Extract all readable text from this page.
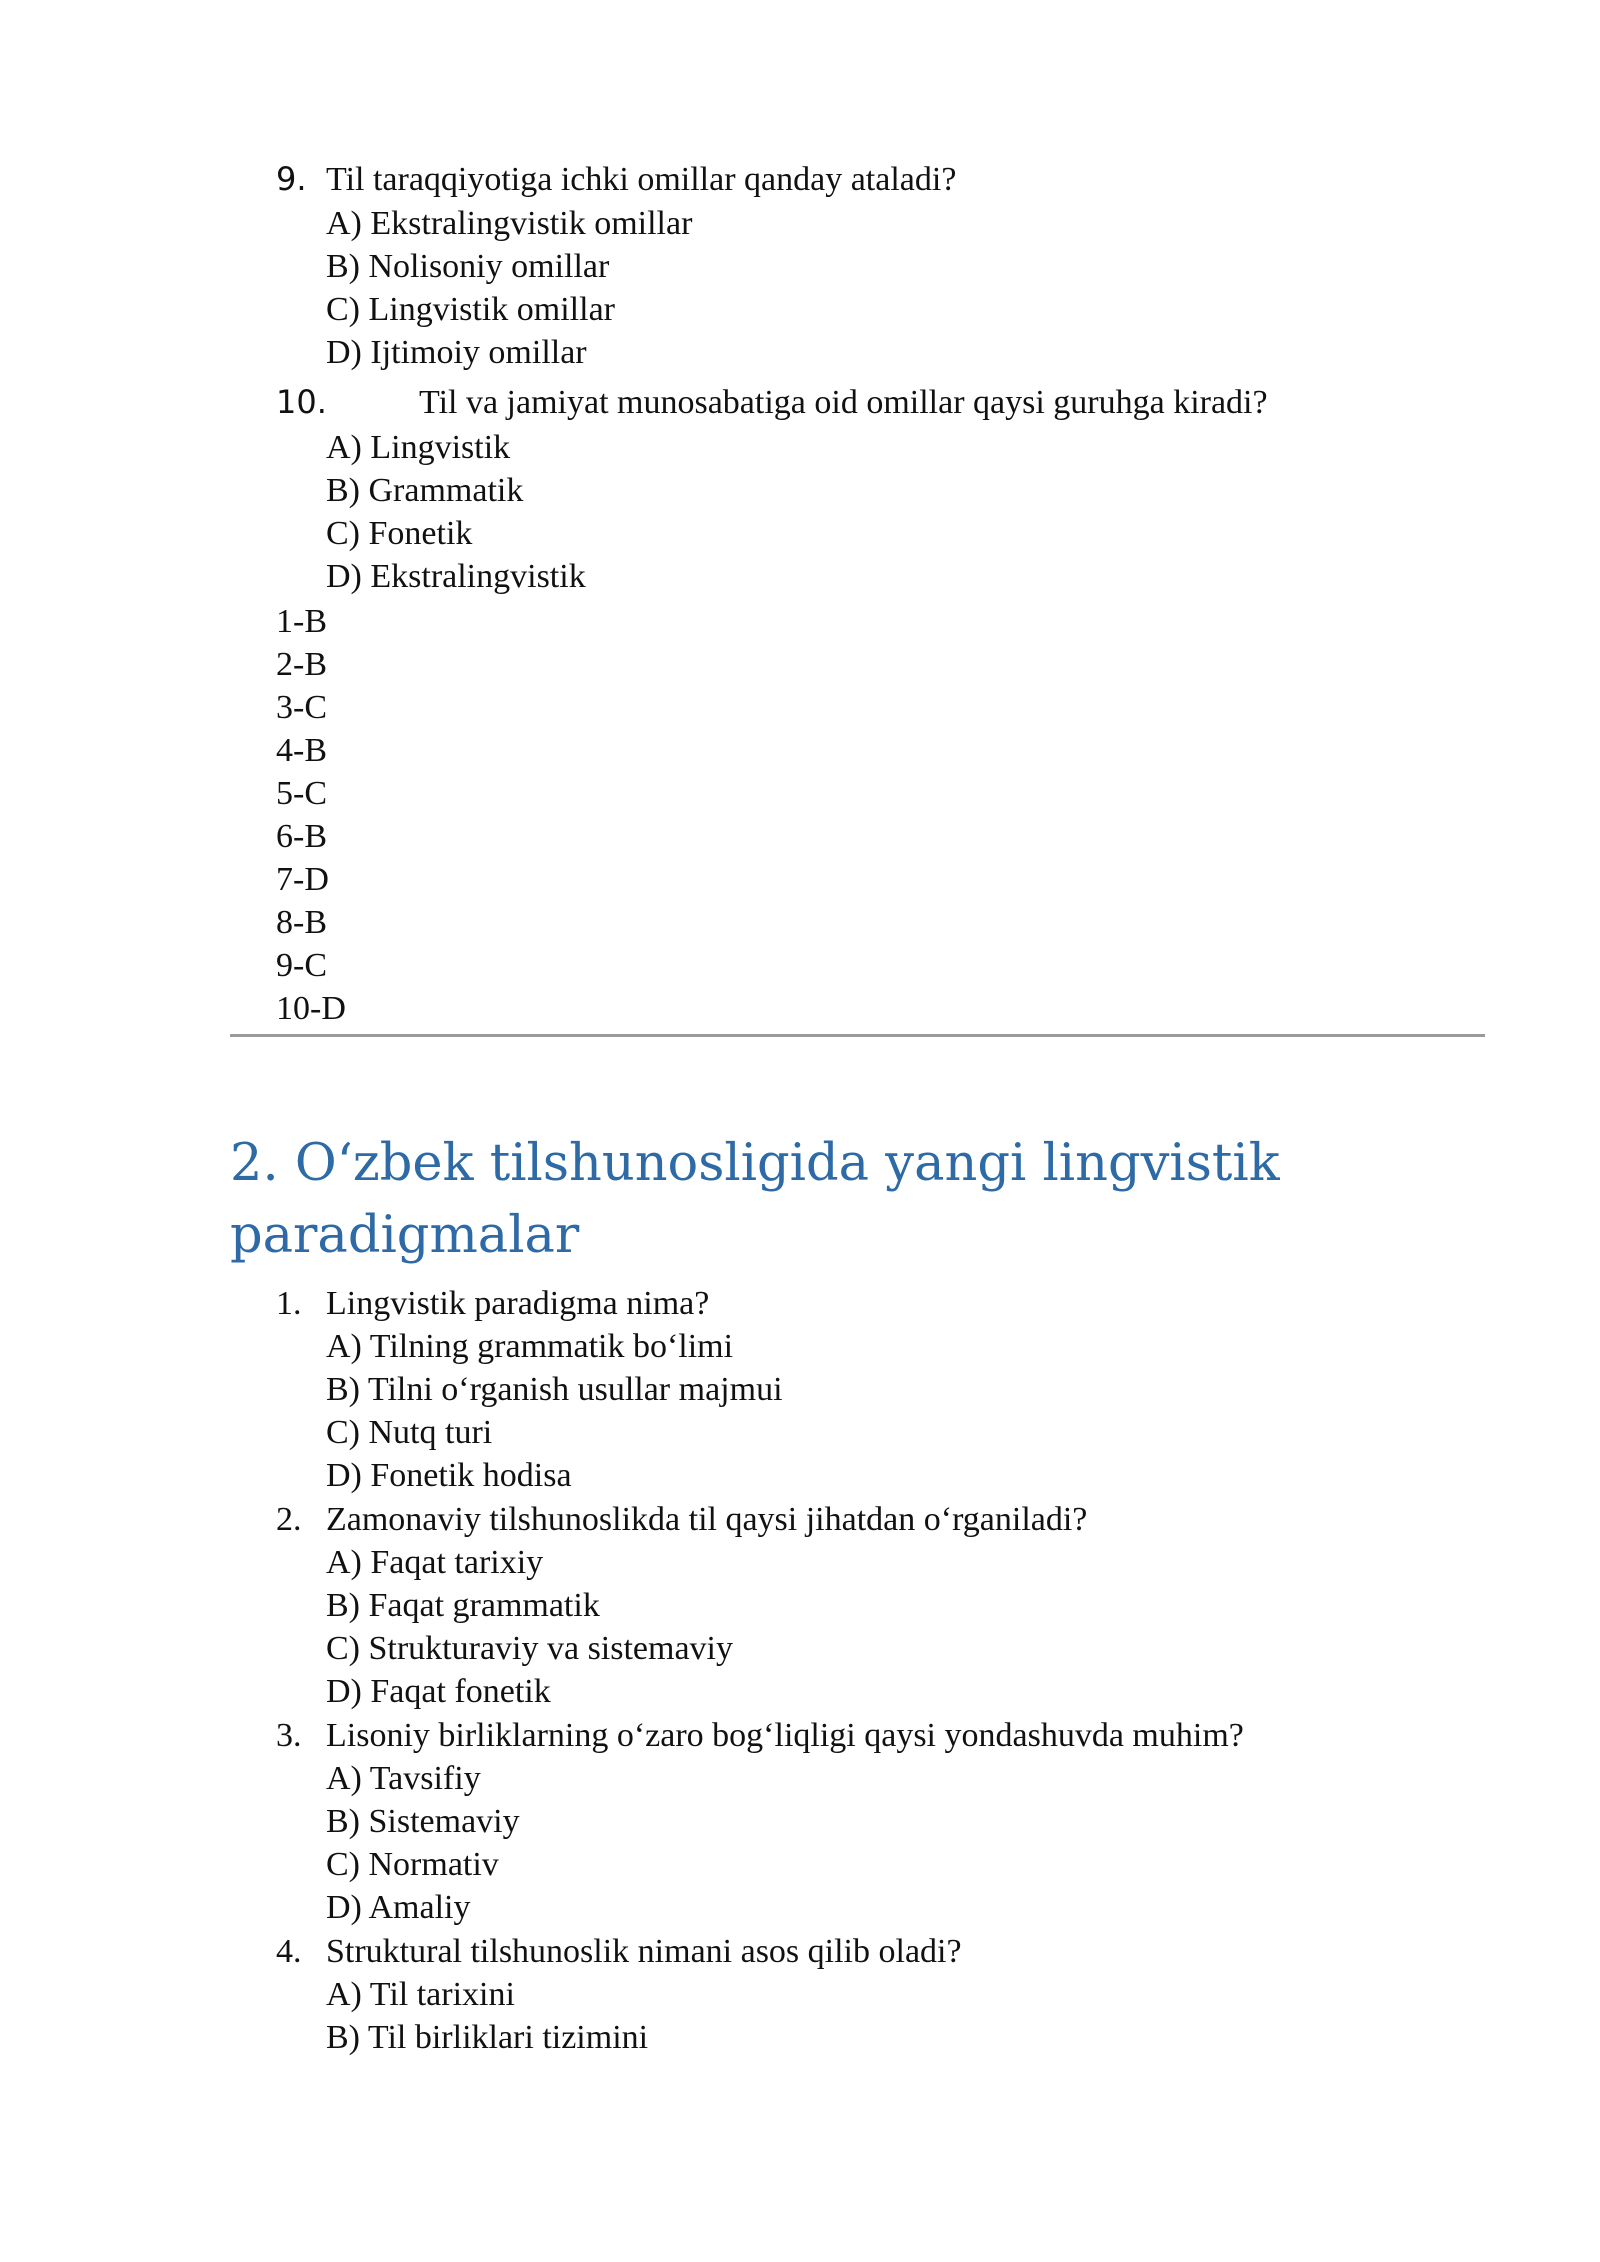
9. Til taraqqiyotiga ichki omillar qanday ataladi?
A) Ekstralingvistik omillar
B) Nolisoniy omillar
C) Lingvistik omillar
D) Ijtimoiy omillar
10.	Til va jamiyat munosabatiga oid omillar qaysi guruhga kiradi?
A) Lingvistik
B) Grammatik
C) Fonetik
D) Ekstralingvistik
1-B
2-B
3-C
4-B
5-C
6-B
7-D
8-B
9-C
10-D
2. O‘zbek tilshunosligida yangi lingvistik paradigmalar
1. Lingvistik paradigma nima?
A) Tilning grammatik bo‘limi
B) Tilni o‘rganish usullar majmui
C) Nutq turi
D) Fonetik hodisa
2. Zamonaviy tilshunoslikda til qaysi jihatdan o‘rganiladi?
A) Faqat tarixiy
B) Faqat grammatik
C) Strukturaviy va sistemaviy
D) Faqat fonetik
3. Lisoniy birliklarning o‘zaro bog‘liqligi qaysi yondashuvda muhim?
A) Tavsifiy
B) Sistemaviy
C) Normativ
D) Amaliy
4. Struktural tilshunoslik nimani asos qilib oladi?
A) Til tarixini
B) Til birliklari tizimini
